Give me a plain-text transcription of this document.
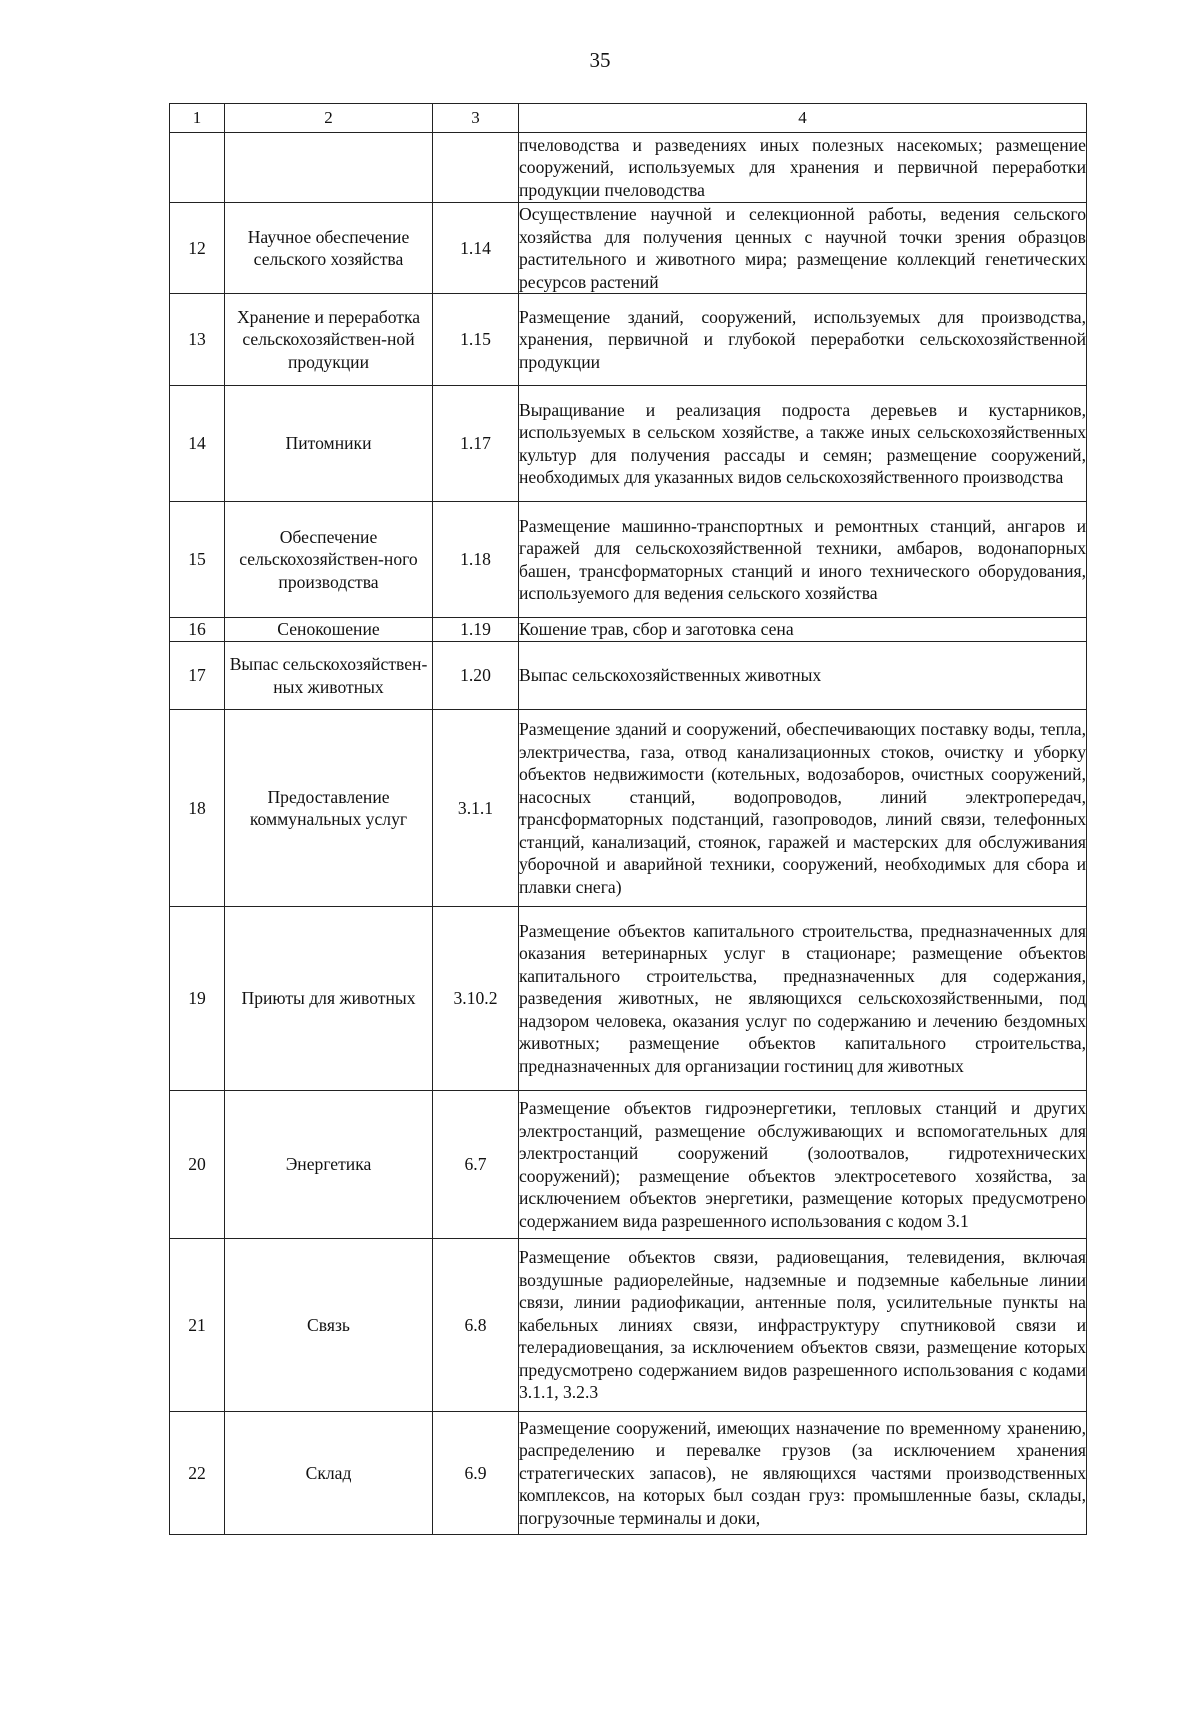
35
1	2	3	4
			пчеловодства и разведениях иных полезных насекомых; размещение сооружений, используемых для хранения и первичной переработки продукции пчеловодства
12	Научное обеспечение сельского хозяйства	1.14	Осуществление научной и селекционной работы, ведения сельского хозяйства для получения ценных с научной точки зрения образцов растительного и животного мира; размещение коллекций генетических ресурсов растений
13	Хранение и переработка сельскохозяйствен-ной продукции	1.15	Размещение зданий, сооружений, используемых для производства, хранения, первичной и глубокой переработки сельскохозяйственной продукции
14	Питомники	1.17	Выращивание и реализация подроста деревьев и кустарников, используемых в сельском хозяйстве, а также иных сельскохозяйственных культур для получения рассады и семян; размещение сооружений, необходимых для указанных видов сельскохозяйственного производства
15	Обеспечение сельскохозяйствен-ного производства	1.18	Размещение машинно-транспортных и ремонтных станций, ангаров и гаражей для сельскохозяйственной техники, амбаров, водонапорных башен, трансформаторных станций и иного технического оборудования, используемого для ведения сельского хозяйства
16	Сенокошение	1.19	Кошение трав, сбор и заготовка сена
17	Выпас сельскохозяйствен-ных животных	1.20	Выпас сельскохозяйственных животных
18	Предоставление коммунальных услуг	3.1.1	Размещение зданий и сооружений, обеспечивающих поставку воды, тепла, электричества, газа, отвод канализационных стоков, очистку и уборку объектов недвижимости (котельных, водозаборов, очистных сооружений, насосных станций, водопроводов, линий электропередач, трансформаторных подстанций, газопроводов, линий связи, телефонных станций, канализаций, стоянок, гаражей и мастерских для обслуживания уборочной и аварийной техники, сооружений, необходимых для сбора и плавки снега)
19	Приюты для животных	3.10.2	Размещение объектов капитального строительства, предназначенных для оказания ветеринарных услуг в стационаре; размещение объектов капитального строительства, предназначенных для содержания, разведения животных, не являющихся сельскохозяйственными, под надзором человека, оказания услуг по содержанию и лечению бездомных животных; размещение объектов капитального строительства, предназначенных для организации гостиниц для животных
20	Энергетика	6.7	Размещение объектов гидроэнергетики, тепловых станций и других электростанций, размещение обслуживающих и вспомогательных для электростанций сооружений (золоотвалов, гидротехнических сооружений); размещение объектов электросетевого хозяйства, за исключением объектов энергетики, размещение которых предусмотрено содержанием вида разрешенного использования с кодом 3.1
21	Связь	6.8	Размещение объектов связи, радиовещания, телевидения, включая воздушные радиорелейные, надземные и подземные кабельные линии связи, линии радиофикации, антенные поля, усилительные пункты на кабельных линиях связи, инфраструктуру спутниковой связи и телерадиовещания, за исключением объектов связи, размещение которых предусмотрено содержанием видов разрешенного использования с кодами 3.1.1, 3.2.3
22	Склад	6.9	Размещение сооружений, имеющих назначение по временному хранению, распределению и перевалке грузов (за исключением хранения стратегических запасов), не являющихся частями производственных комплексов, на которых был создан груз: промышленные базы, склады, погрузочные терминалы и доки,
